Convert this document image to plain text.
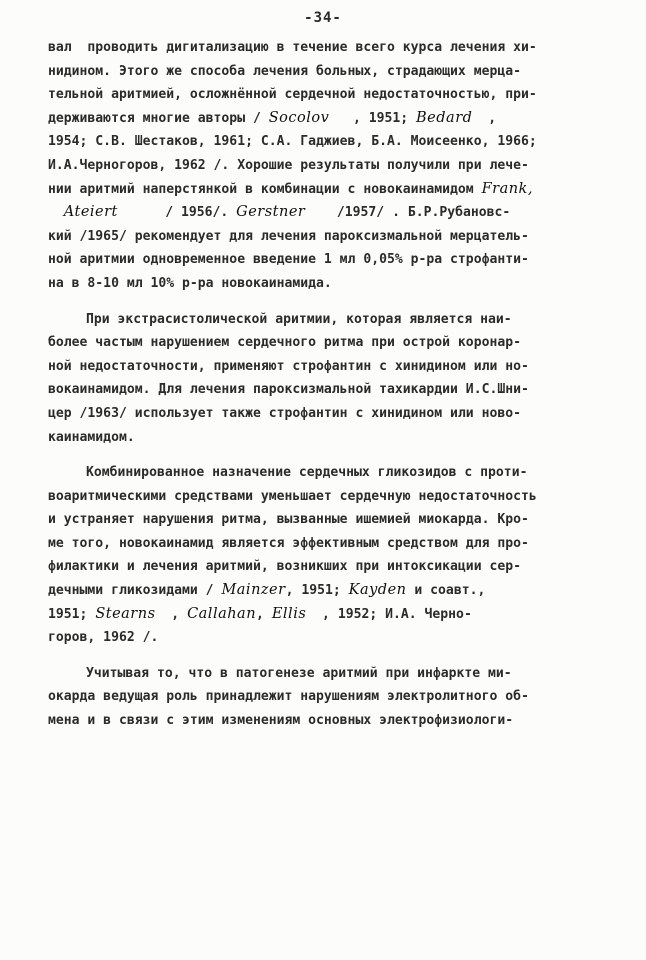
-34-
вал  проводить дигитализацию в течение всего курса лечения хи-
нидином. Этого же способа лечения больных, страдающих мерца-
тельной аритмией, осложнённой сердечной недостаточностью, при-
держиваются многие авторы / Socolov   , 1951; Bedard  ,
1954; С.В. Шестаков, 1961; С.А. Гаджиев, Б.А. Моисеенко, 1966;
И.А.Черногоров, 1962 /. Хорошие результаты получили при лече-
нии аритмий наперстянкой в комбинации с новокаинамидом Frank,
Ateiert      / 1956/. Gerstner    /1957/ . Б.Р.Рубановс-
кий /1965/ рекомендует для лечения пароксизмальной мерцатель-
ной аритмии одновременное введение 1 мл 0,05% р-ра строфанти-
на в 8-10 мл 10% р-ра новокаинамида.
При экстрасистолической аритмии, которая является наи-
более частым нарушением сердечного ритма при острой коронар-
ной недостаточности, применяют строфантин с хинидином или но-
вокаинамидом. Для лечения пароксизмальной тахикардии И.С.Шни-
цер /1963/ использует также строфантин с хинидином или ново-
каинамидом.
Комбинированное назначение сердечных гликозидов с проти-
воаритмическими средствами уменьшает сердечную недостаточность
и устраняет нарушения ритма, вызванные ишемией миокарда. Кро-
ме того, новокаинамид является эффективным средством для про-
филактики и лечения аритмий, возникших при интоксикации сер-
дечными гликозидами / Mainzer, 1951; Kayden и соавт.,
1951; Stearns  , Callahan, Ellis  , 1952; И.А. Черно-
горов, 1962 /.
Учитывая то, что в патогенезе аритмий при инфаркте ми-
окарда ведущая роль принадлежит нарушениям электролитного об-
мена и в связи с этим изменениям основных электрофизиологи-
